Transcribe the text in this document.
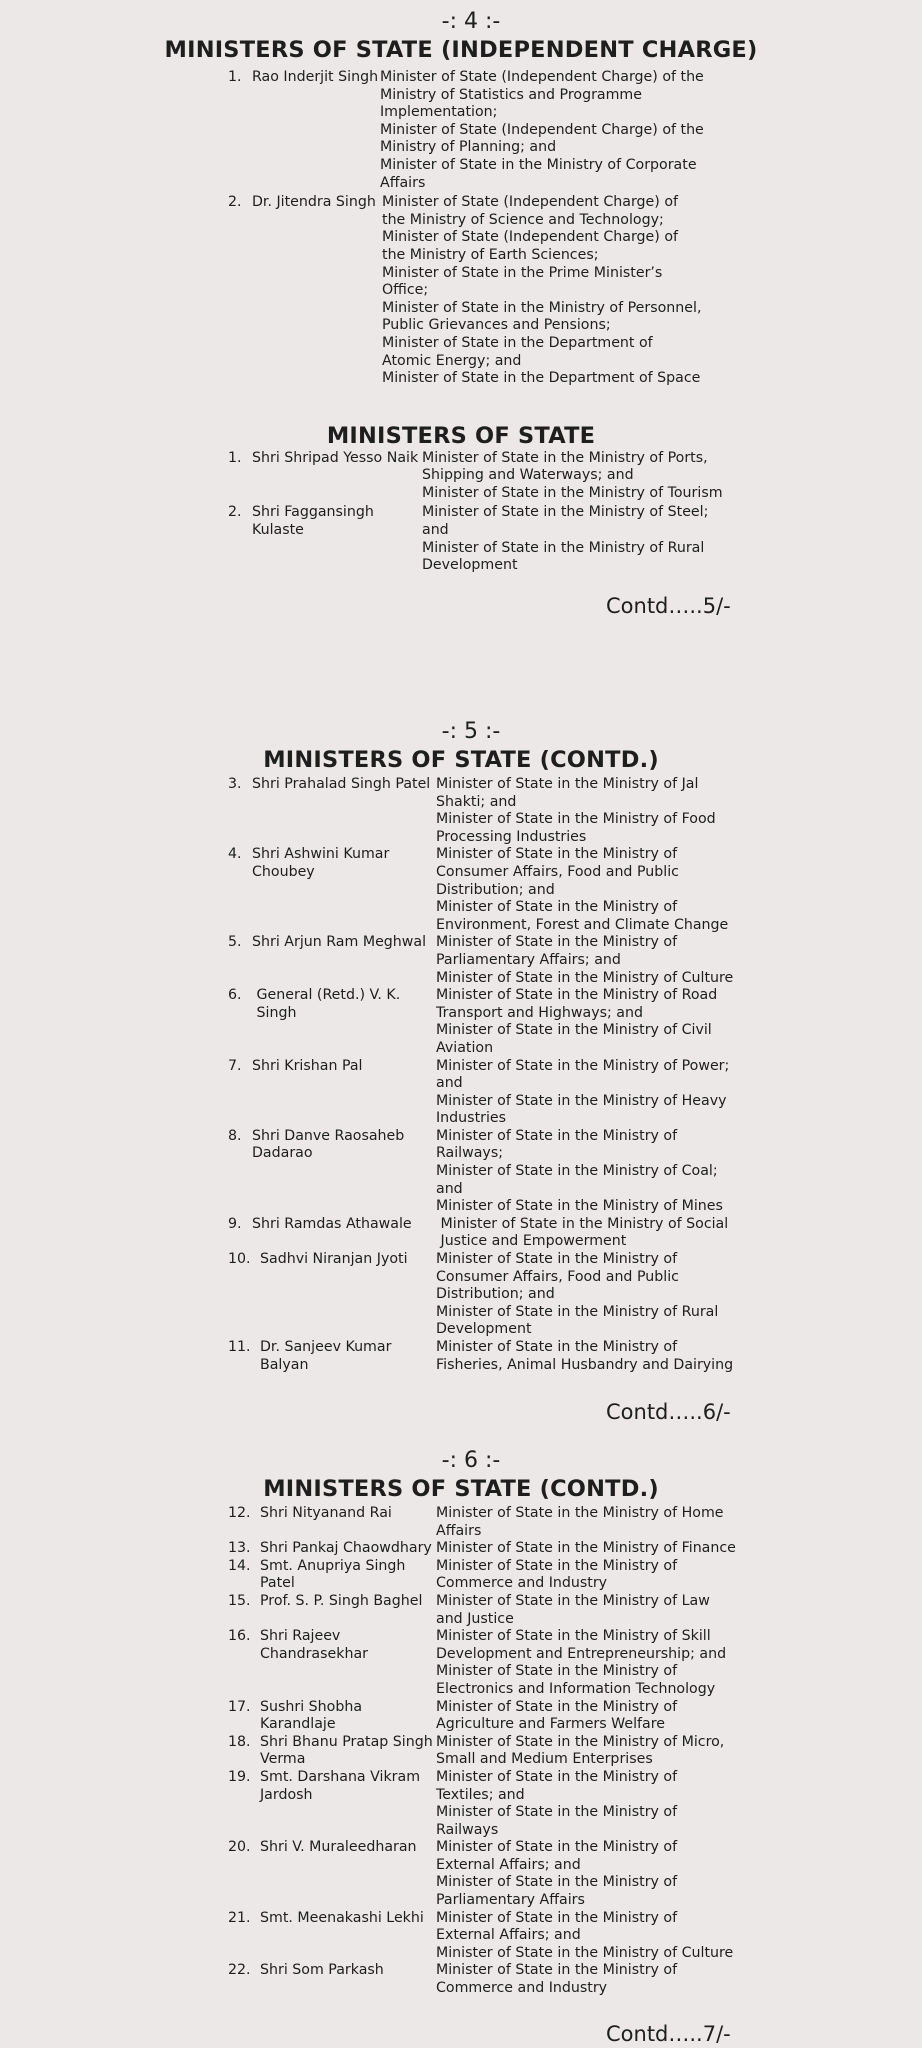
-: 4 :-
MINISTERS OF STATE (INDEPENDENT CHARGE)
1. Rao Inderjit Singh Minister of State (Independent Charge) of the
Ministry of Statistics and Programme
Implementation;
Minister of State (Independent Charge) of the
Ministry of Planning; and
Minister of State in the Ministry of Corporate
Affairs
2. Dr. Jitendra Singh Minister of State (Independent Charge) of
the Ministry of Science and Technology;
Minister of State (Independent Charge) of
the Ministry of Earth Sciences;
Minister of State in the Prime Minister’s
Office;
Minister of State in the Ministry of Personnel,
Public Grievances and Pensions;
Minister of State in the Department of
Atomic Energy; and
Minister of State in the Department of Space
MINISTERS OF STATE
1. Shri Shripad Yesso Naik Minister of State in the Ministry of Ports,
Shipping and Waterways; and
Minister of State in the Ministry of Tourism
2. Shri Faggansingh
Kulaste
Minister of State in the Ministry of Steel;
and
Minister of State in the Ministry of Rural
Development
Contd…..5/-
-: 5 :-
MINISTERS OF STATE (CONTD.)
3. Shri Prahalad Singh Patel Minister of State in the Ministry of Jal
Shakti; and
Minister of State in the Ministry of Food
Processing Industries
4. Shri Ashwini Kumar
Choubey
Minister of State in the Ministry of
Consumer Affairs, Food and Public
Distribution; and
Minister of State in the Ministry of
Environment, Forest and Climate Change
5. Shri Arjun Ram Meghwal Minister of State in the Ministry of
Parliamentary Affairs; and
Minister of State in the Ministry of Culture
6. General (Retd.) V. K.
Singh
Minister of State in the Ministry of Road
Transport and Highways; and
Minister of State in the Ministry of Civil
Aviation
7. Shri Krishan Pal	Minister of State in the Ministry of Power;
and
Minister of State in the Ministry of Heavy
Industries
8. Shri Danve Raosaheb
Dadarao
Minister of State in the Ministry of
Railways;
Minister of State in the Ministry of Coal;
and
Minister of State in the Ministry of Mines
9. Shri Ramdas Athawale	Minister of State in the Ministry of Social
Justice and Empowerment
10. Sadhvi Niranjan Jyoti	Minister of State in the Ministry of
Consumer Affairs, Food and Public
Distribution; and
Minister of State in the Ministry of Rural
Development
11. Dr. Sanjeev Kumar
Balyan
Minister of State in the Ministry of
Fisheries, Animal Husbandry and Dairying
Contd…..6/-
-: 6 :-
MINISTERS OF STATE (CONTD.)
12. Shri Nityanand Rai	Minister of State in the Ministry of Home
Affairs
13. Shri Pankaj Chaowdhary Minister of State in the Ministry of Finance
14. Smt. Anupriya Singh
Patel
Minister of State in the Ministry of
Commerce and Industry
15. Prof. S. P. Singh Baghel Minister of State in the Ministry of Law
and Justice
16. Shri Rajeev
Chandrasekhar
Minister of State in the Ministry of Skill
Development and Entrepreneurship; and
Minister of State in the Ministry of
Electronics and Information Technology
17. Sushri Shobha
Karandlaje
Minister of State in the Ministry of
Agriculture and Farmers Welfare
18. Shri Bhanu Pratap Singh
Verma
Minister of State in the Ministry of Micro,
Small and Medium Enterprises
19. Smt. Darshana Vikram
Jardosh
Minister of State in the Ministry of
Textiles; and
Minister of State in the Ministry of
Railways
20. Shri V. Muraleedharan	Minister of State in the Ministry of
External Affairs; and
Minister of State in the Ministry of
Parliamentary Affairs
21. Smt. Meenakashi Lekhi Minister of State in the Ministry of
External Affairs; and
Minister of State in the Ministry of Culture
22. Shri Som Parkash	Minister of State in the Ministry of
Commerce and Industry
Contd…..7/-
